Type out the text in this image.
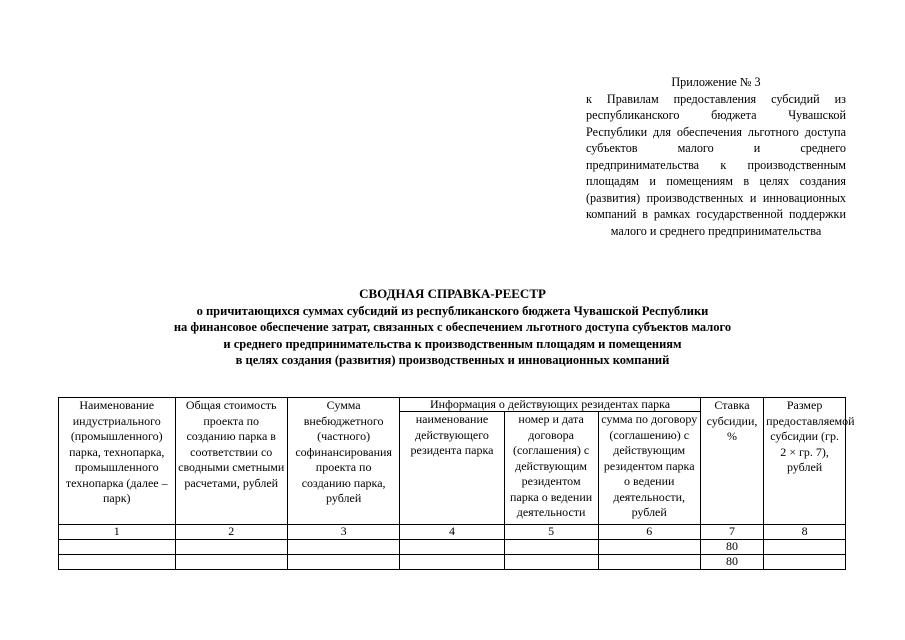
Приложение № 3
к Правилам предоставления субсидий из республиканского бюджета Чувашской Республики для обеспечения льготного доступа субъектов малого и среднего предпринимательства к производственным площадям и помещениям в целях создания (развития) производственных и инновационных компаний в рамках государственной поддержки малого и среднего предпринимательства
СВОДНАЯ СПРАВКА-РЕЕСТР
о причитающихся суммах субсидий из республиканского бюджета Чувашской Республики
на финансовое обеспечение затрат, связанных с обеспечением льготного доступа субъектов малого
и среднего предпринимательства к производственным площадям и помещениям
в целях создания (развития) производственных и инновационных компаний
Наименование индустриального (промышленного) парка, технопарка, промышленного технопарка (далее – парк)	Общая стоимость проекта по созданию парка в соответствии со сводными сметными расчетами, рублей	Сумма внебюджетного (частного) софинансирования проекта по созданию парка, рублей	Информация о действующих резидентах парка			Ставка субсидии, %	Размер предоставляемой субсидии (гр. 2 × гр. 7), рублей
			наименование действующего резидента парка	номер и дата договора (соглашения) с действующим резидентом парка о ведении деятельности	сумма по договору (соглашению) с действующим резидентом парка о ведении деятельности, рублей		
1	2	3	4	5	6	7	8
						80	
						80	
